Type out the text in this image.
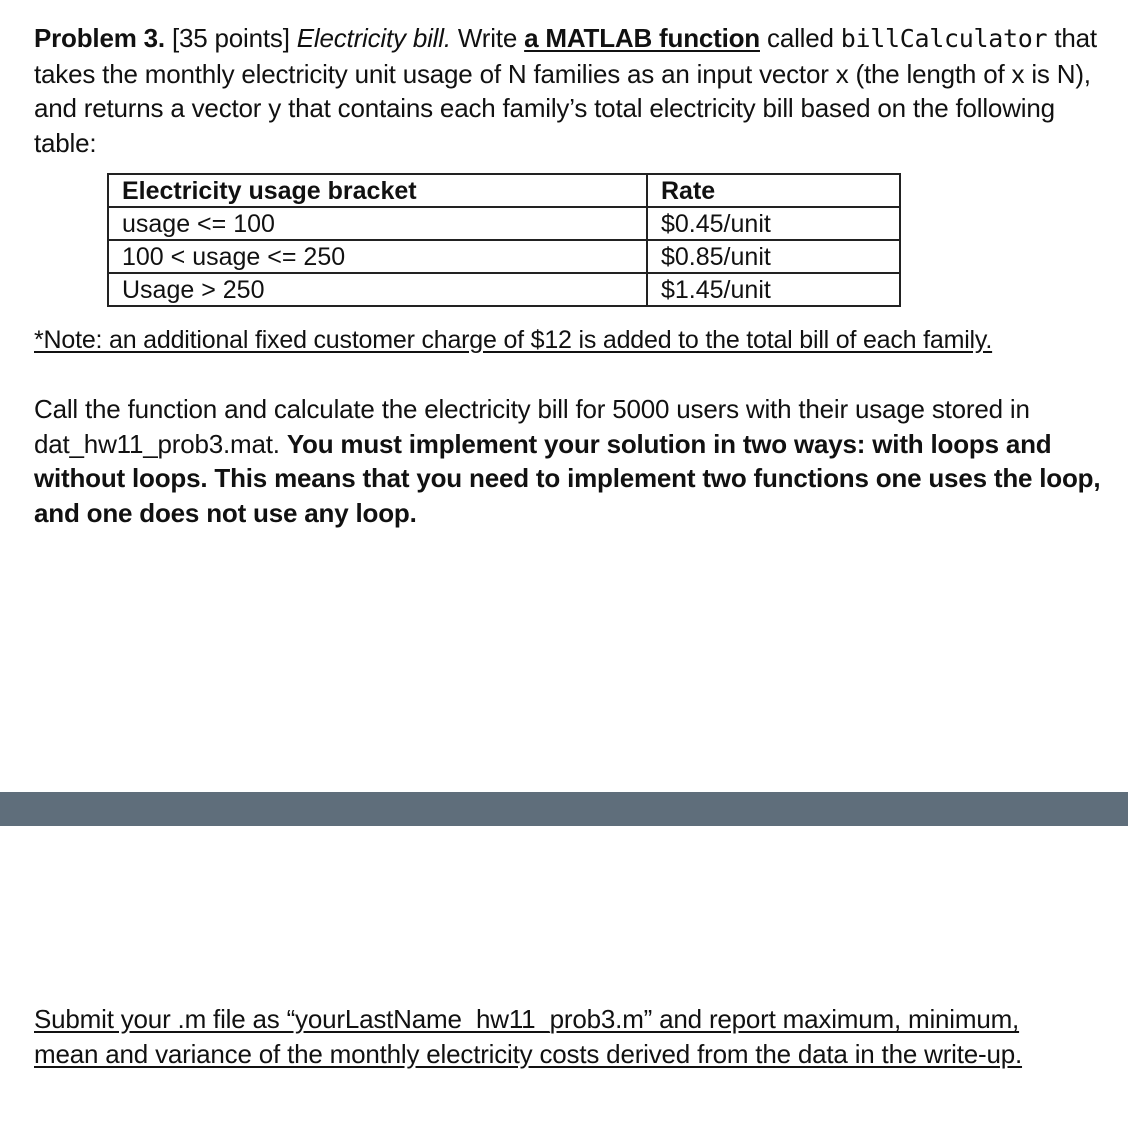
Problem 3. [35 points] Electricity bill. Write a MATLAB function called billCalculator that takes the monthly electricity unit usage of N families as an input vector x (the length of x is N), and returns a vector y that contains each family’s total electricity bill based on the following table:
Electricity usage bracket	Rate
usage <= 100	$0.45/unit
100 < usage <= 250	$0.85/unit
Usage > 250	$1.45/unit
*Note: an additional fixed customer charge of $12 is added to the total bill of each family.
Call the function and calculate the electricity bill for 5000 users with their usage stored in dat_hw11_prob3.mat. You must implement your solution in two ways: with loops and without loops. This means that you need to implement two functions one uses the loop, and one does not use any loop.
Submit your .m file as “yourLastName_hw11_prob3.m” and report maximum, minimum, mean and variance of the monthly electricity costs derived from the data in the write-up.
